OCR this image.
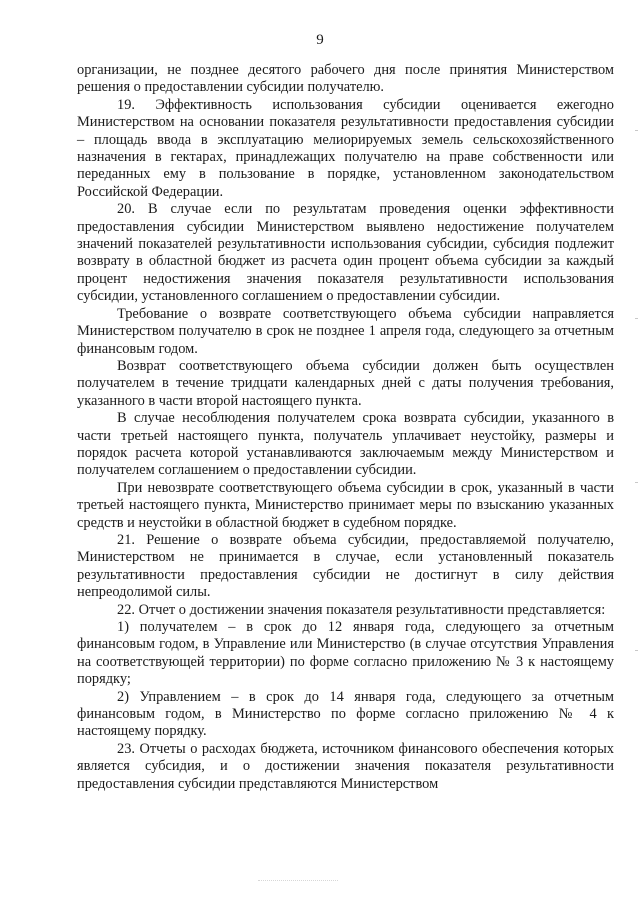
9

организации, не позднее десятого рабочего дня после принятия Министерством решения о предоставлении субсидии получателю.

19. Эффективность использования субсидии оценивается ежегодно Министерством на основании показателя результативности предоставления субсидии – площадь ввода в эксплуатацию мелиорируемых земель сельскохозяйственного назначения в гектарах, принадлежащих получателю на праве собственности или переданных ему в пользование в порядке, установленном законодательством Российской Федерации.

20. В случае если по результатам проведения оценки эффективности предоставления субсидии Министерством выявлено недостижение получателем значений показателей результативности использования субсидии, субсидия подлежит возврату в областной бюджет из расчета один процент объема субсидии за каждый процент недостижения значения показателя результативности использования субсидии, установленного соглашением о предоставлении субсидии.

Требование о возврате соответствующего объема субсидии направляется Министерством получателю в срок не позднее 1 апреля года, следующего за отчетным финансовым годом.

Возврат соответствующего объема субсидии должен быть осуществлен получателем в течение тридцати календарных дней с даты получения требования, указанного в части второй настоящего пункта.

В случае несоблюдения получателем срока возврата субсидии, указанного в части третьей настоящего пункта, получатель уплачивает неустойку, размеры и порядок расчета которой устанавливаются заключаемым между Министерством и получателем соглашением о предоставлении субсидии.

При невозврате соответствующего объема субсидии в срок, указанный в части третьей настоящего пункта, Министерство принимает меры по взысканию указанных средств и неустойки в областной бюджет в судебном порядке.

21. Решение о возврате объема субсидии, предоставляемой получателю, Министерством не принимается в случае, если установленный показатель результативности предоставления субсидии не достигнут в силу действия непреодолимой силы.

22. Отчет о достижении значения показателя результативности представляется:

1) получателем – в срок до 12 января года, следующего за отчетным финансовым годом, в Управление или Министерство (в случае отсутствия Управления на соответствующей территории) по форме согласно приложению № 3 к настоящему порядку;

2) Управлением – в срок до 14 января года, следующего за отчетным финансовым годом, в Министерство по форме согласно приложению № 4 к настоящему порядку.

23. Отчеты о расходах бюджета, источником финансового обеспечения которых является субсидия, и о достижении значения показателя результативности предоставления субсидии представляются Министерством
